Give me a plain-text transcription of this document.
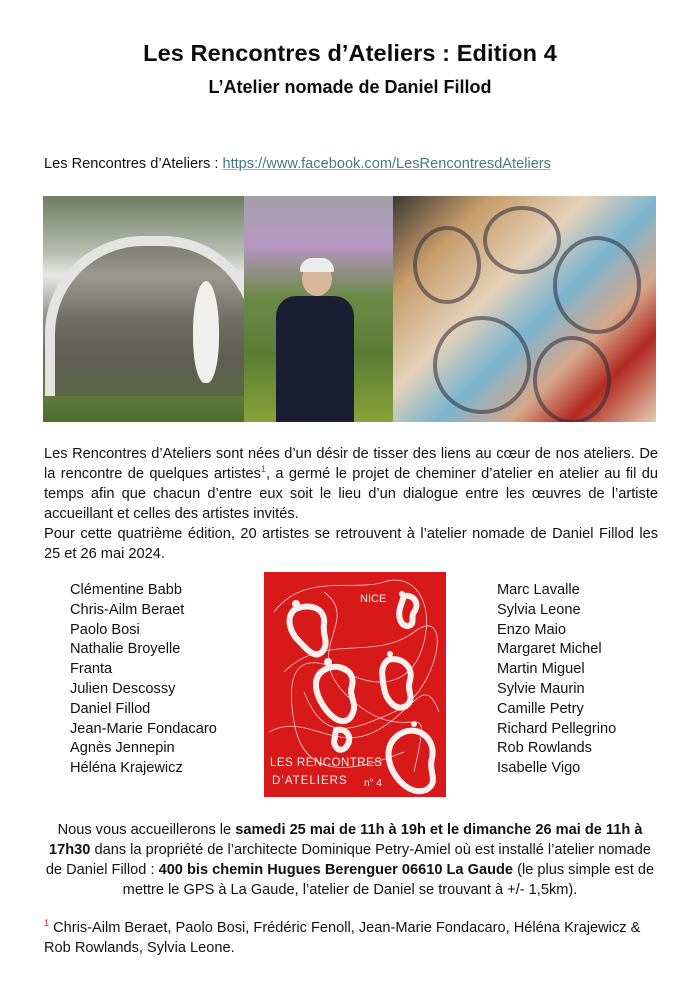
Les Rencontres d’Ateliers : Edition 4
L’Atelier nomade de Daniel Fillod
Les Rencontres d’Ateliers : https://www.facebook.com/LesRencontresdAteliers

Les Rencontres d’Ateliers sont nées d’un désir de tisser des liens au cœur de nos ateliers. De la rencontre de quelques artistes$^1$, a germé le projet de cheminer d’atelier en atelier au fil du temps afin que chacun d’entre eux soit le lieu d’un dialogue entre les œuvres de l’artiste accueillant et celles des artistes invités.

Pour cette quatrième édition, 20 artistes se retrouvent à l’atelier nomade de Daniel Fillod les 25 et 26 mai 2024.

Clémentine Babb
Chris-Ailm Beraet
Paolo Bosi
Nathalie Broyelle
Franta
Julien Descossy
Daniel Fillod
Jean-Marie Fondacaro
Agnès Jennepin
Héléna Krajewicz
NICE
LES RENCONTRES
D’ATELIERS n° 4
Marc Lavalle
Sylvia Leone
Enzo Maio
Margaret Michel
Martin Miguel
Sylvie Maurin
Camille Petry
Richard Pellegrino
Rob Rowlands
Isabelle Vigo
Nous vous accueillerons le samedi 25 mai de 11h à 19h et le dimanche 26 mai de 11h à 17h30 dans la propriété de l’architecte Dominique Petry-Amiel où est installé l’atelier nomade de Daniel Fillod : 400 bis chemin Hugues Berenguer 06610 La Gaude (le plus simple est de mettre le GPS à La Gaude, l’atelier de Daniel se trouvant à +/- 1,5km).
$^1$ Chris-Ailm Beraet, Paolo Bosi, Frédéric Fenoll, Jean-Marie Fondacaro, Héléna Krajewicz & Rob Rowlands, Sylvia Leone.
